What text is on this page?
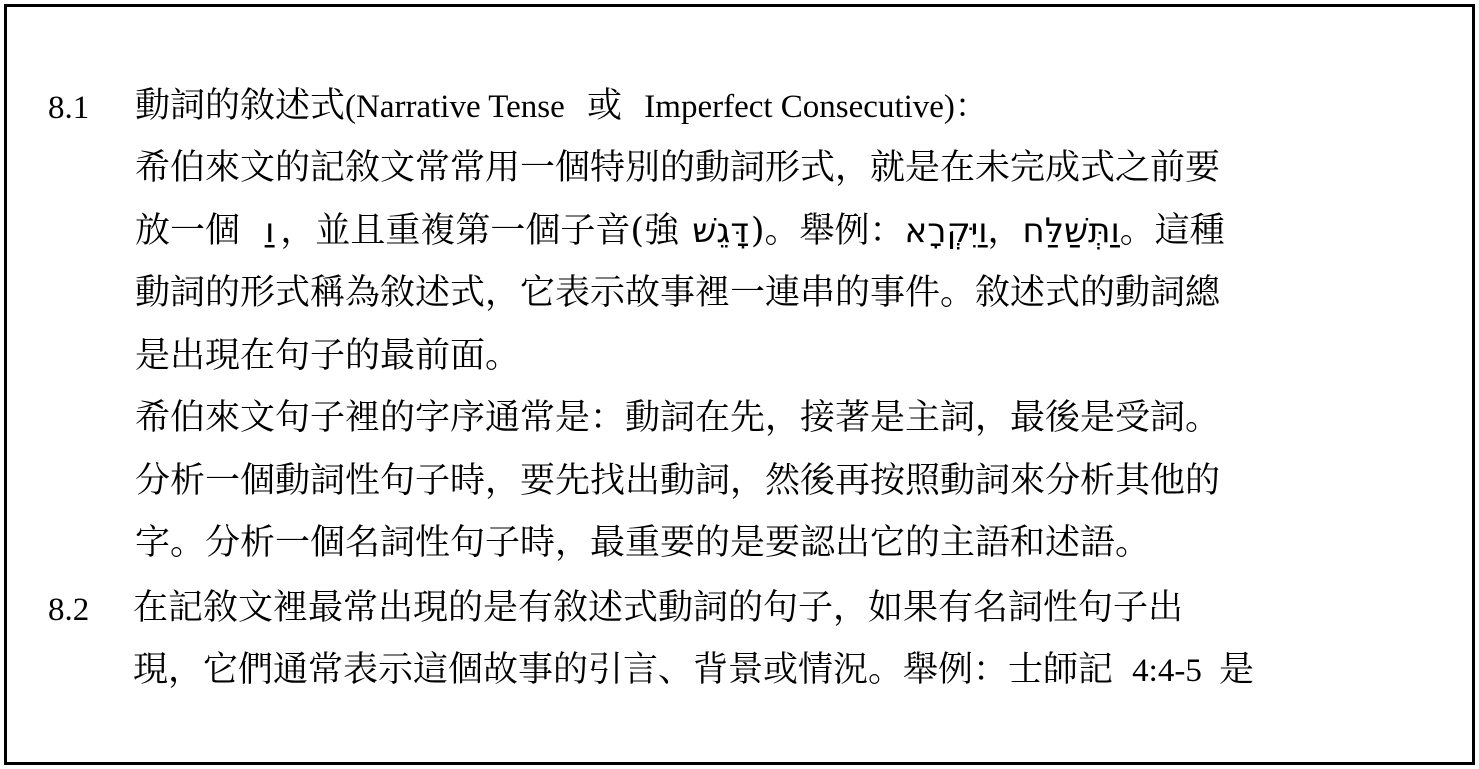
8.1 動詞的敘述式(Narrative Tense 或 Imperfect Consecutive)：
希伯來文的記敘文常常用一個特別的動詞形式，就是在未完成式之前要
放一個 וַ ，並且重複第一個子音(強 דָּגֵשׁ)。舉例：וַיִּקְרָא，וַתְּשַׁלַּח。這種
動詞的形式稱為敘述式，它表示故事裡一連串的事件。敘述式的動詞總
是出現在句子的最前面。
希伯來文句子裡的字序通常是：動詞在先，接著是主詞，最後是受詞。
分析一個動詞性句子時，要先找出動詞，然後再按照動詞來分析其他的
字。分析一個名詞性句子時，最重要的是要認出它的主語和述語。
8.2 在記敘文裡最常出現的是有敘述式動詞的句子，如果有名詞性句子出
現，它們通常表示這個故事的引言、背景或情況。舉例：士師記 4:4-5 是
